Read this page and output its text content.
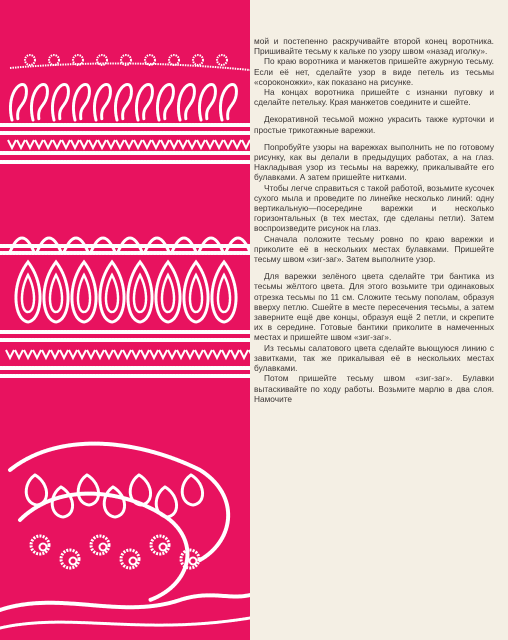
мой и постепенно раскручивайте второй конец воротника. Пришивайте тесьму к кальке по узору швом «назад иголку».

По краю воротника и манжетов пришейте ажурную тесьму. Если её нет, сделайте узор в виде петель из тесьмы «сороконожки», как показано на рисунке.

На концах воротника пришейте с изнанки пуговку и сделайте петельку. Края манжетов соедините и сшейте.

Декоративной тесьмой можно украсить также курточки и простые трикотажные варежки.

Попробуйте узоры на варежках выполнить не по готовому рисунку, как вы делали в предыдущих работах, а на глаз. Накладывая узор из тесьмы на варежку, прикалывайте его булавками. А затем пришейте нитками.

Чтобы легче справиться с такой работой, возьмите кусочек сухого мыла и проведите по линейке несколько линий: одну вертикальную—посередине варежки и несколько горизонтальных (в тех местах, где сделаны петли). Затем воспроизведите рисунок на глаз.

Сначала положите тесьму ровно по краю варежки и приколите её в нескольких местах булавками. Пришейте тесьму швом «зиг-заг». Затем выполните узор.

Для варежки зелёного цвета сделайте три бантика из тесьмы жёлтого цвета. Для этого возьмите три одинаковых отрезка тесьмы по 11 см. Сложите тесьму пополам, образуя вверху петлю. Сшейте в месте пересечения тесьмы, а затем заверните ещё две концы, образуя ещё 2 петли, и скрепите их в середине. Готовые бантики приколите в намеченных местах и пришейте швом «зиг-заг».

Из тесьмы салатового цвета сделайте вьющуюся линию с завитками, так же прикалывая её в нескольких местах булавками.

Потом пришейте тесьму швом «зиг-заг». Булавки вытаскивайте по ходу работы. Возьмите марлю в два слоя. Намочите
